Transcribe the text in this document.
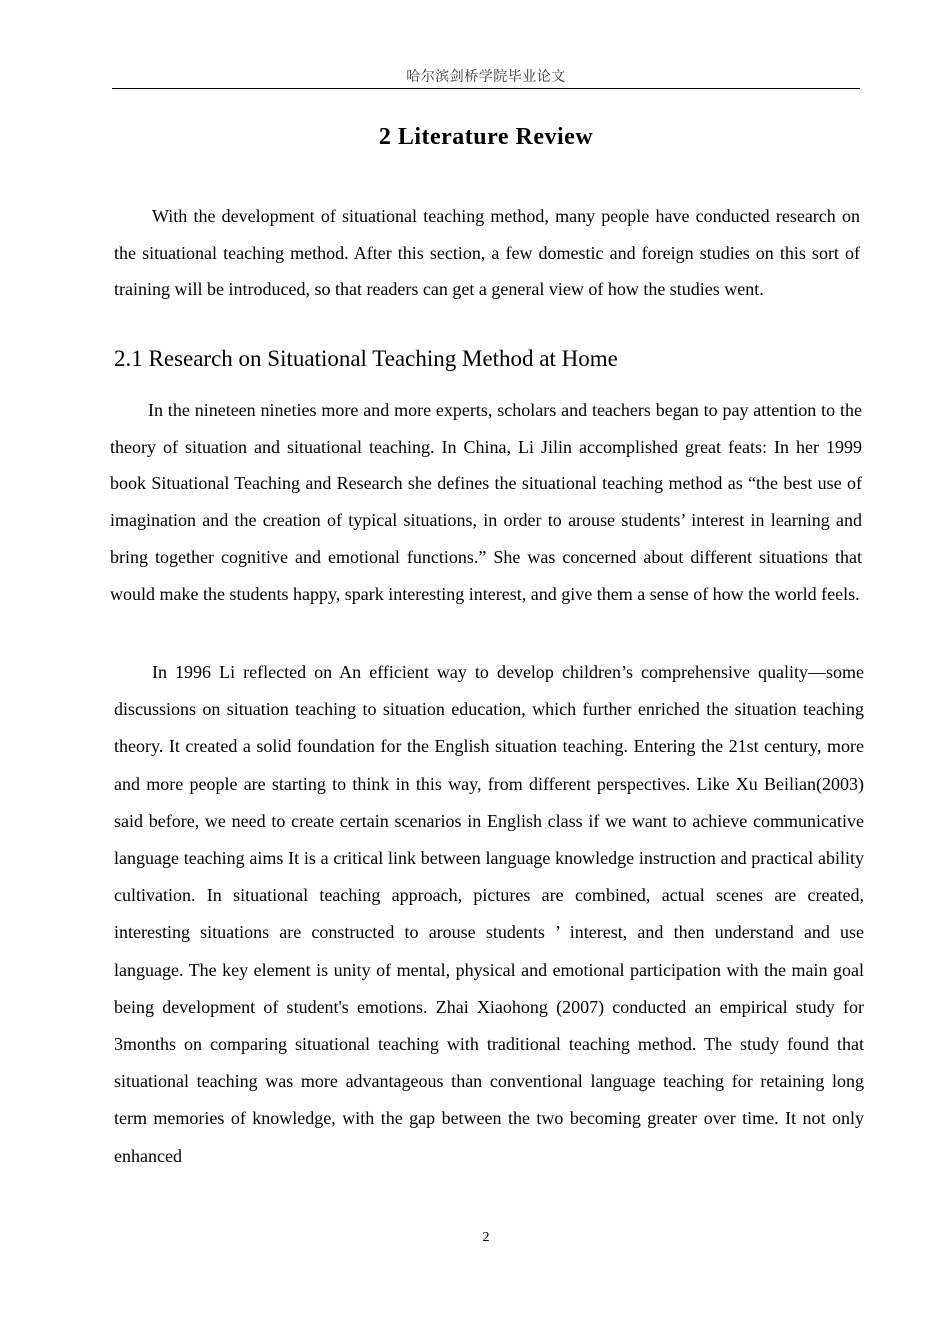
哈尔滨剑桥学院毕业论文
2 Literature Review

With the development of situational teaching method, many people have conducted research on the situational teaching method. After this section, a few domestic and foreign studies on this sort of training will be introduced, so that readers can get a general view of how the studies went.

2.1 Research on Situational Teaching Method at Home

In the nineteen nineties more and more experts, scholars and teachers began to pay attention to the theory of situation and situational teaching. In China, Li Jilin accomplished great feats: In her 1999 book Situational Teaching and Research she defines the situational teaching method as “the best use of imagination and the creation of typical situations, in order to arouse students’ interest in learning and bring together cognitive and emotional functions.” She was concerned about different situations that would make the students happy, spark interesting interest, and give them a sense of how the world feels.

In 1996 Li reflected on An efficient way to develop children’s comprehensive quality—some discussions on situation teaching to situation education, which further enriched the situation teaching theory. It created a solid foundation for the English situation teaching. Entering the 21st century, more and more people are starting to think in this way, from different perspectives. Like Xu Beilian(2003) said before, we need to create certain scenarios in English class if we want to achieve communicative language teaching aims It is a critical link between language knowledge instruction and practical ability cultivation. In situational teaching approach, pictures are combined, actual scenes are created, interesting situations are constructed to arouse students ’ interest, and then understand and use language. The key element is unity of mental, physical and emotional participation with the main goal being development of student's emotions. Zhai Xiaohong (2007) conducted an empirical study for 3months on comparing situational teaching with traditional teaching method. The study found that situational teaching was more advantageous than conventional language teaching for retaining long term memories of knowledge, with the gap between the two becoming greater over time. It not only enhanced

2
